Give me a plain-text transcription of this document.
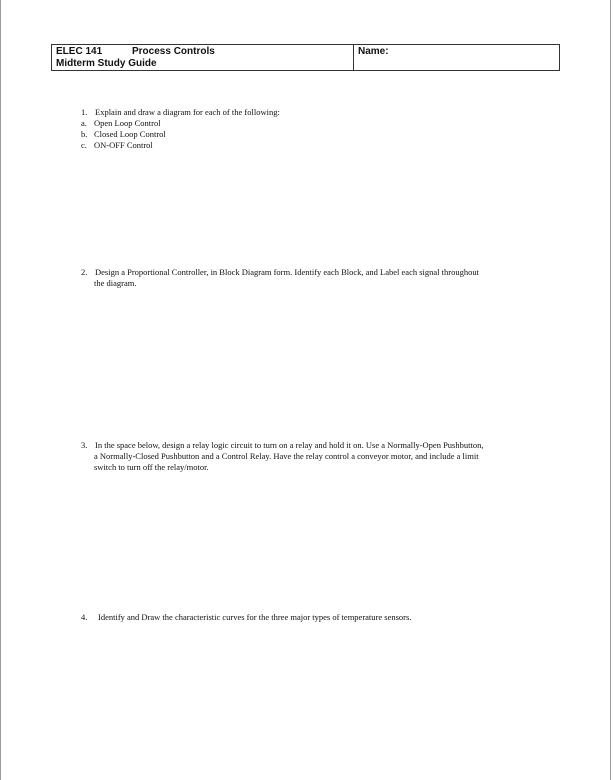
ELEC 141	Process Controls
Midterm Study Guide
Name:
1. Explain and draw a diagram for each of the following:
a. Open Loop Control
b. Closed Loop Control
c. ON-OFF Control
2. Design a Proportional Controller, in Block Diagram form. Identify each Block, and Label each signal throughout
the diagram.
3. In the space below, design a relay logic circuit to turn on a relay and hold it on. Use a Normally-Open Pushbutton,
a Normally-Closed Pushbutton and a Control Relay. Have the relay control a conveyor motor, and include a limit
switch to turn off the relay/motor.
4. Identify and Draw the characteristic curves for the three major types of temperature sensors.
